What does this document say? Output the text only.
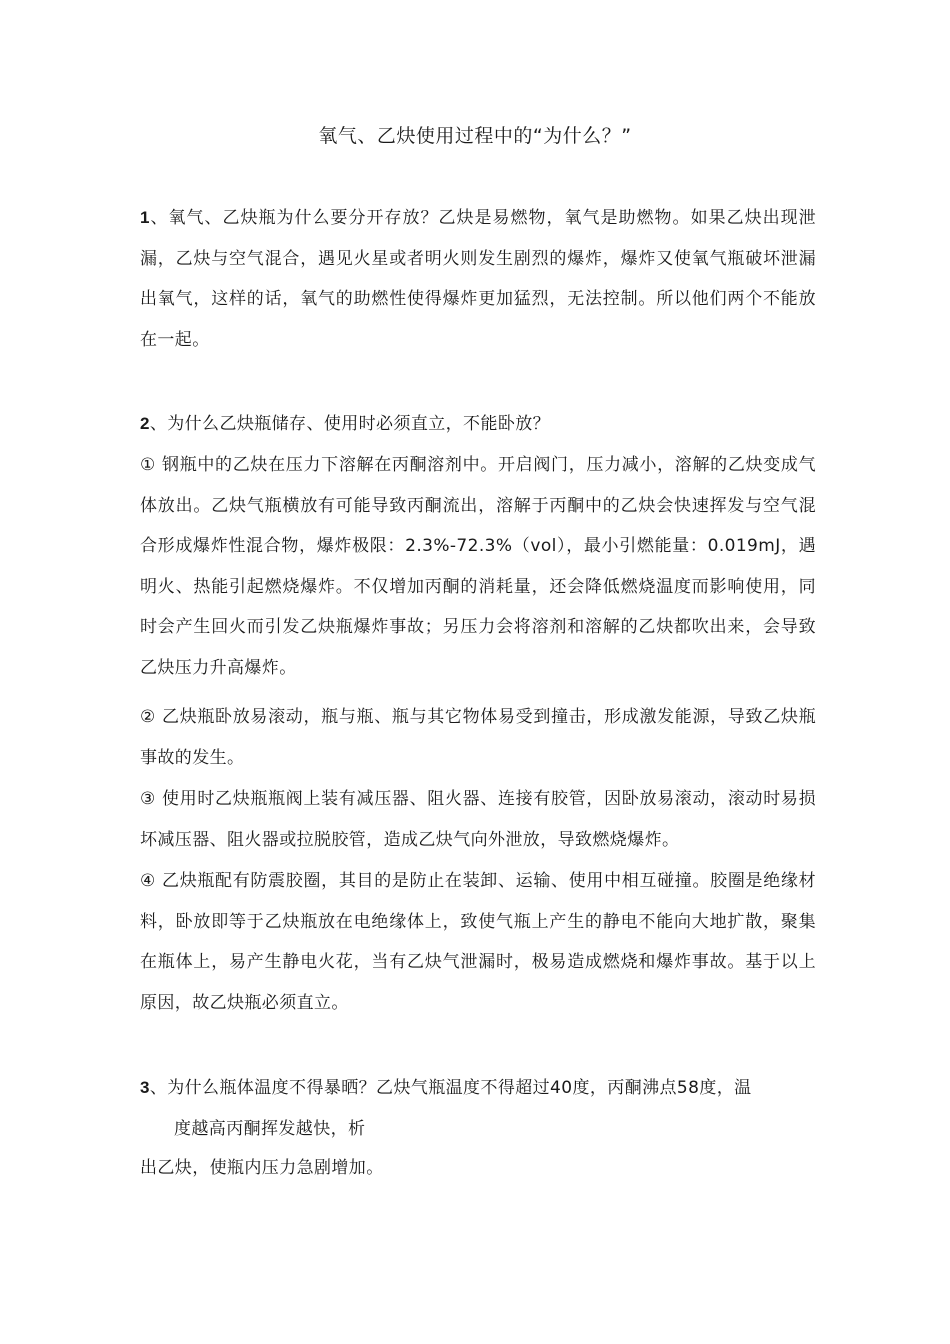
氧气、乙炔使用过程中的“为什么？”
1、氧气、乙炔瓶为什么要分开存放？乙炔是易燃物，氧气是助燃物。如果乙炔出现泄漏，乙炔与空气混合，遇见火星或者明火则发生剧烈的爆炸，爆炸又使氧气瓶破坏泄漏出氧气，这样的话，氧气的助燃性使得爆炸更加猛烈，无法控制。所以他们两个不能放在一起。
2、为什么乙炔瓶储存、使用时必须直立，不能卧放？
① 钢瓶中的乙炔在压力下溶解在丙酮溶剂中。开启阀门，压力减小，溶解的乙炔变成气体放出。乙炔气瓶横放有可能导致丙酮流出，溶解于丙酮中的乙炔会快速挥发与空气混合形成爆炸性混合物，爆炸极限：2.3%-72.3%（vol），最小引燃能量：0.019mJ，遇明火、热能引起燃烧爆炸。不仅增加丙酮的消耗量，还会降低燃烧温度而影响使用，同时会产生回火而引发乙炔瓶爆炸事故；另压力会将溶剂和溶解的乙炔都吹出来，会导致乙炔压力升高爆炸。
② 乙炔瓶卧放易滚动，瓶与瓶、瓶与其它物体易受到撞击，形成激发能源，导致乙炔瓶事故的发生。
③ 使用时乙炔瓶瓶阀上装有减压器、阻火器、连接有胶管，因卧放易滚动，滚动时易损坏减压器、阻火器或拉脱胶管，造成乙炔气向外泄放，导致燃烧爆炸。
④ 乙炔瓶配有防震胶圈，其目的是防止在装卸、运输、使用中相互碰撞。胶圈是绝缘材料，卧放即等于乙炔瓶放在电绝缘体上，致使气瓶上产生的静电不能向大地扩散，聚集在瓶体上，易产生静电火花，当有乙炔气泄漏时，极易造成燃烧和爆炸事故。基于以上原因，故乙炔瓶必须直立。
3、为什么瓶体温度不得暴晒？乙炔气瓶温度不得超过40度，丙酮沸点58度，温
度越高丙酮挥发越快，析
出乙炔，使瓶内压力急剧增加。
